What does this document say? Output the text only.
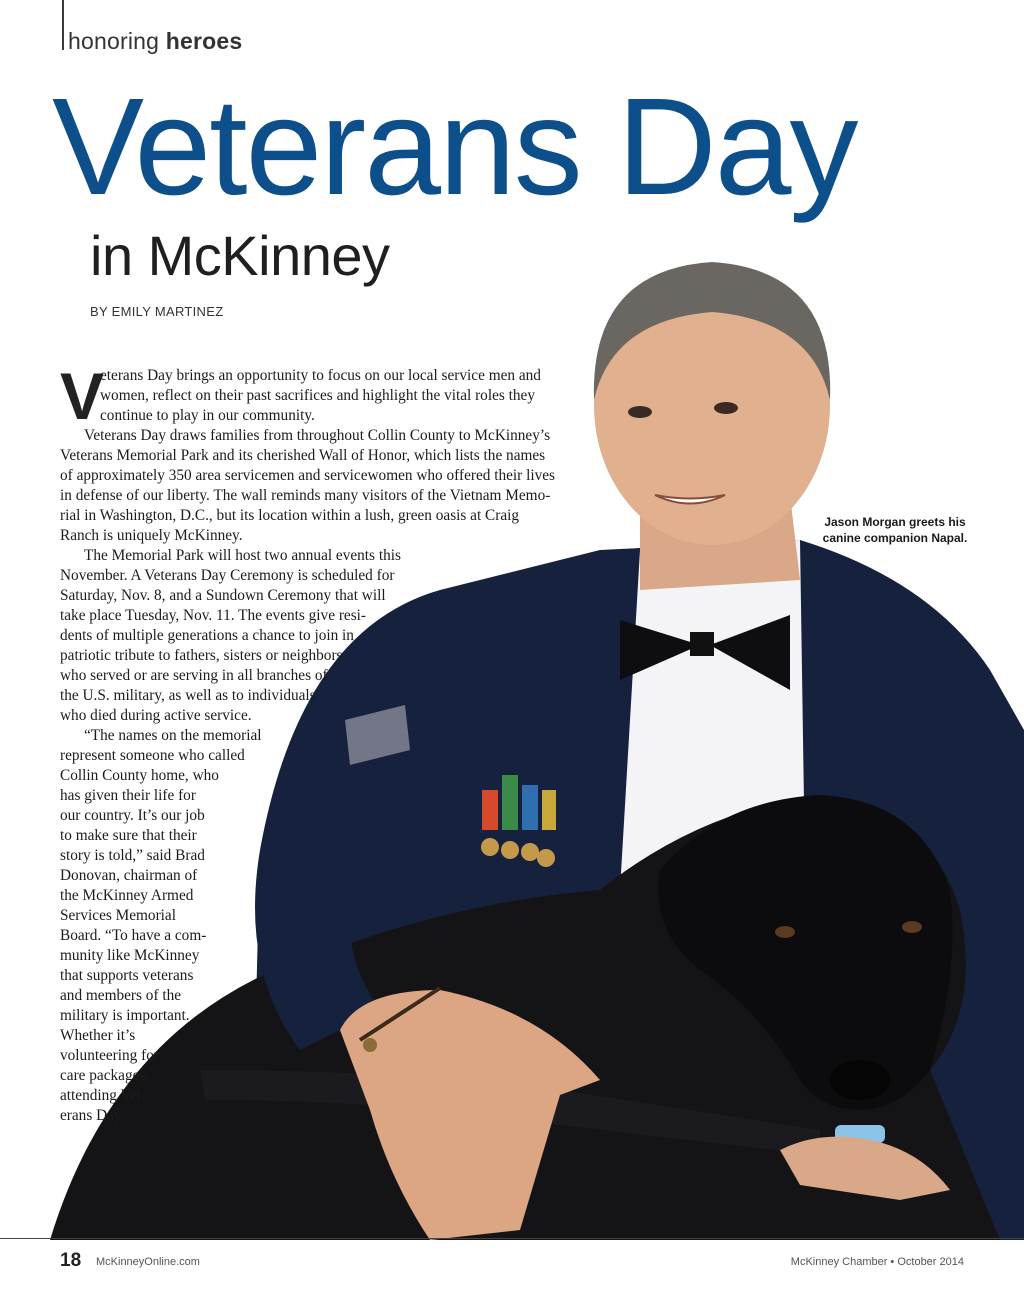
honoring heroes
Veterans Day
in McKinney
BY EMILY MARTINEZ
V
eterans Day brings an opportunity to focus on our local service men and
women, reflect on their past sacrifices and highlight the vital roles they
continue to play in our community.
Veterans Day draws families from throughout Collin County to McKinney’s
Veterans Memorial Park and its cherished Wall of Honor, which lists the names
of approximately 350 area servicemen and servicewomen who offered their lives
in defense of our liberty. The wall reminds many visitors of the Vietnam Memo-
rial in Washington, D.C., but its location within a lush, green oasis at Craig
Ranch is uniquely McKinney.
The Memorial Park will host two annual events this
November. A Veterans Day Ceremony is scheduled for
Saturday, Nov. 8, and a Sundown Ceremony that will
take place Tuesday, Nov. 11. The events give resi-
dents of multiple generations a chance to join in
patriotic tribute to fathers, sisters or neighbors
who served or are serving in all branches of
the U.S. military, as well as to individuals
who died during active service.
“The names on the memorial
represent someone who called
Collin County home, who
has given their life for
our country. It’s our job
to make sure that their
story is told,” said Brad
Donovan, chairman of
the McKinney Armed
Services Memorial
Board. “To have a com-
munity like McKinney
that supports veterans
and members of the
military is important.
Whether it’s
volunteering for
care packages,
attending Vet-
erans Day
Jason Morgan greets his canine companion Napal.
18 McKinneyOnline.com	McKinney Chamber • October 2014
